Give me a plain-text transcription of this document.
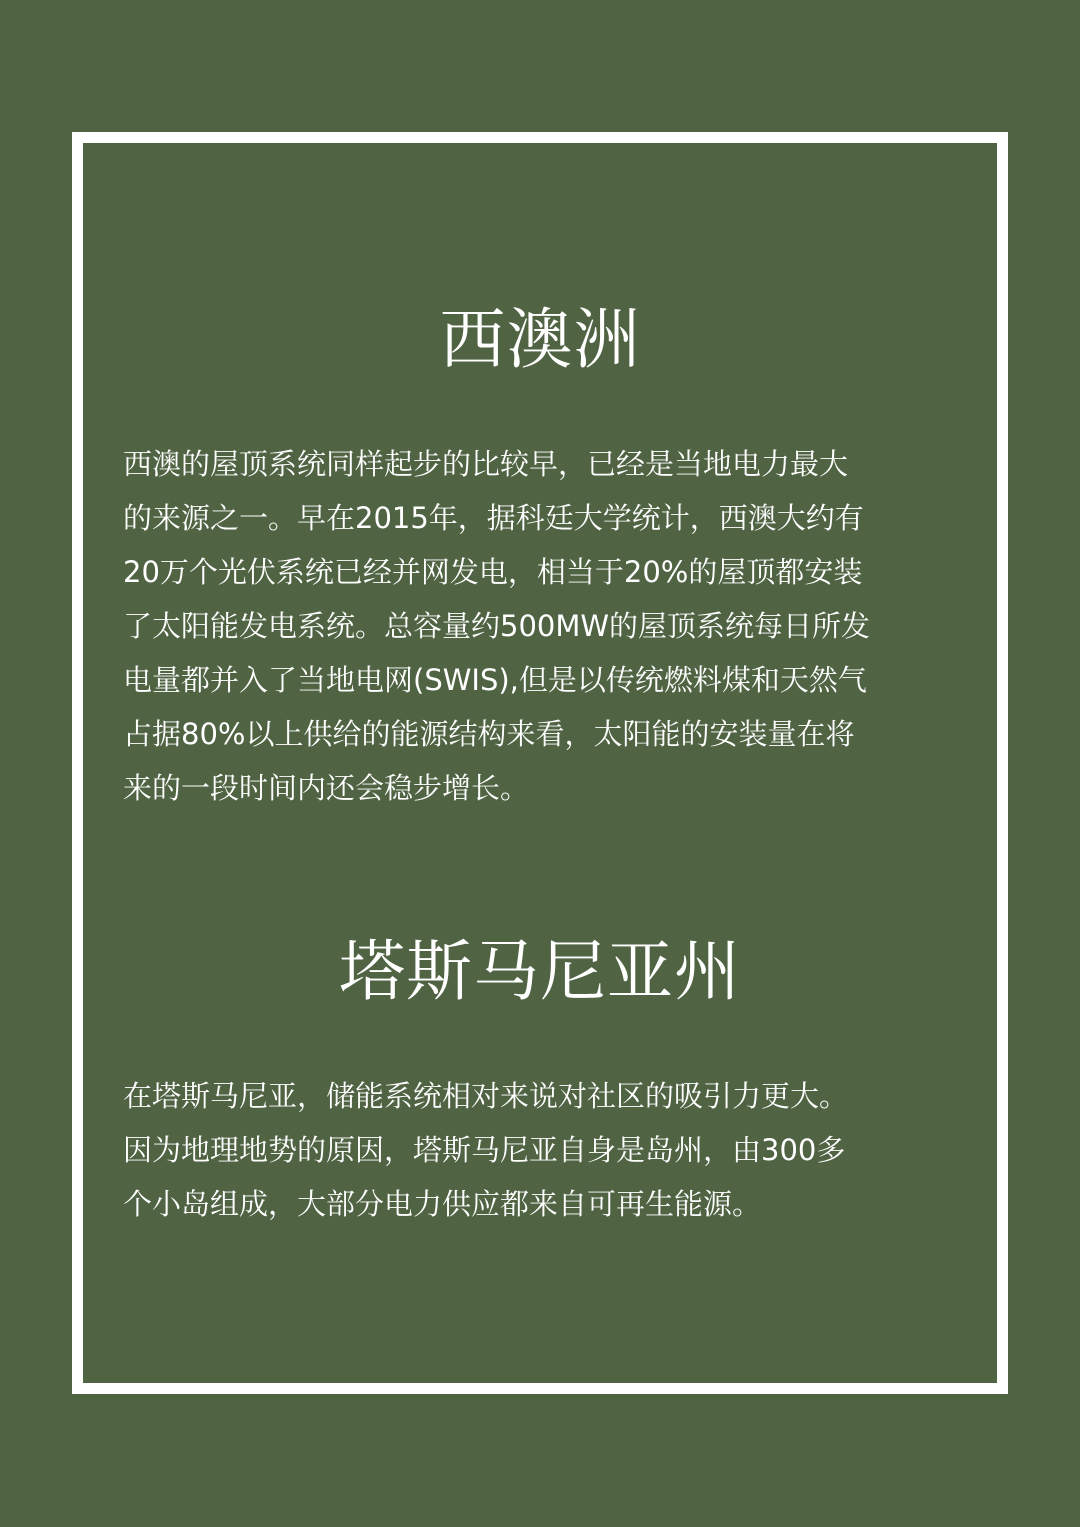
西澳洲

西澳的屋顶系统同样起步的比较早，已经是当地电力最大
的来源之一。早在2015年，据科廷大学统计，西澳大约有
20万个光伏系统已经并网发电，相当于20%的屋顶都安装
了太阳能发电系统。总容量约500MW的屋顶系统每日所发
电量都并入了当地电网(SWIS),但是以传统燃料煤和天然气
占据80%以上供给的能源结构来看，太阳能的安装量在将
来的一段时间内还会稳步增长。

塔斯马尼亚州

在塔斯马尼亚，储能系统相对来说对社区的吸引力更大。
因为地理地势的原因，塔斯马尼亚自身是岛州，由300多
个小岛组成，大部分电力供应都来自可再生能源。
